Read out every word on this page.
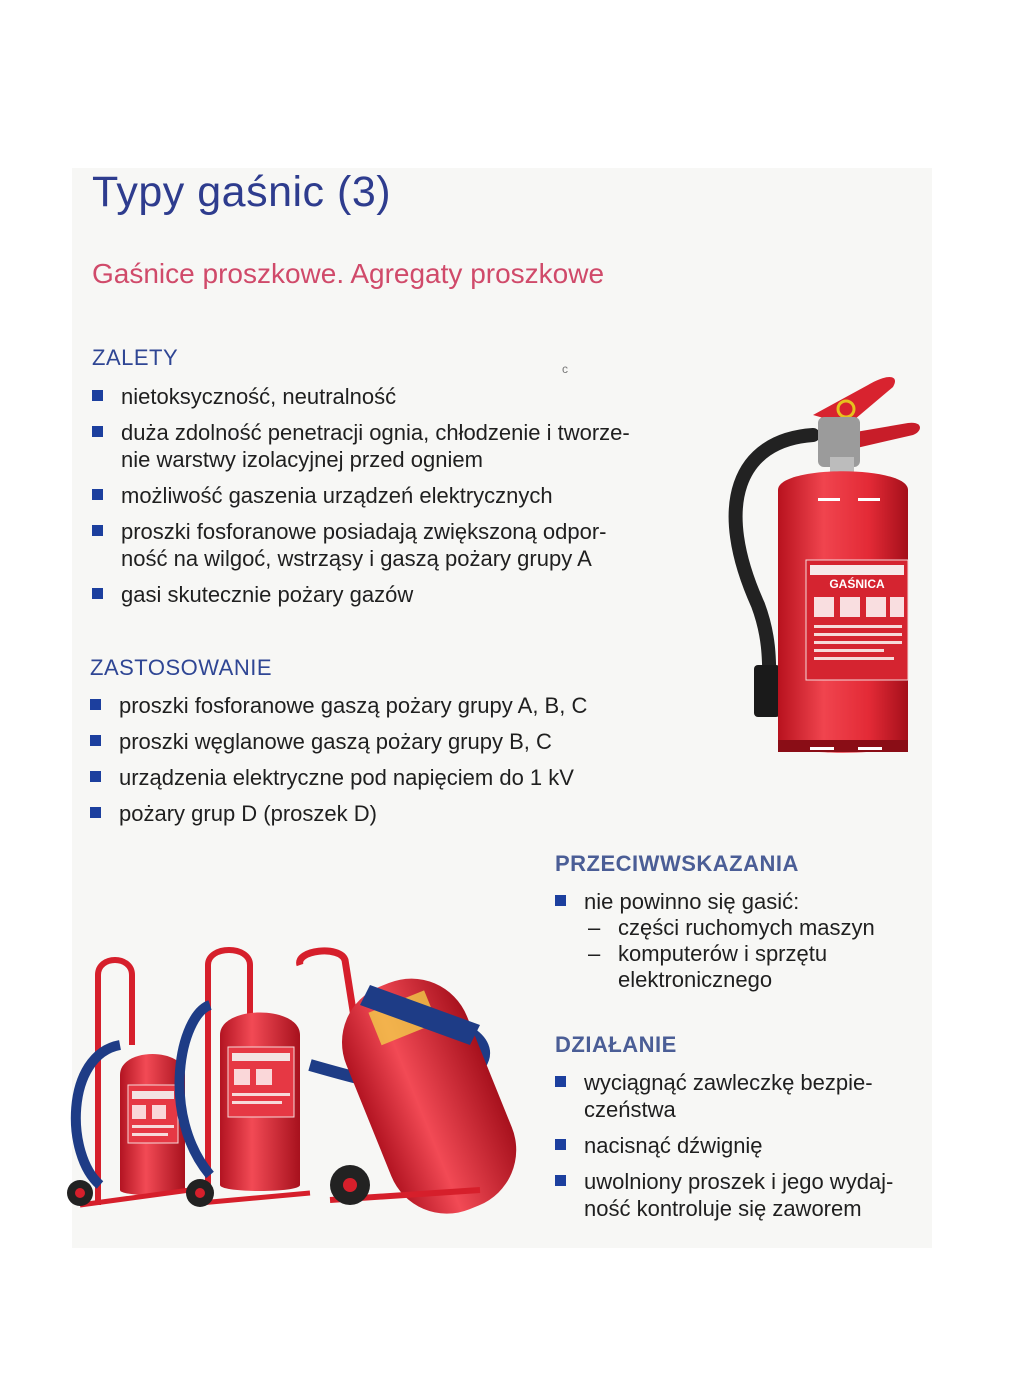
Typy gaśnic (3)
Gaśnice proszkowe. Agregaty proszkowe
c
ZALETY
nietoksyczność, neutralność
duża zdolność penetracji ognia, chłodzenie i tworze-
nie warstwy izolacyjnej przed ogniem
możliwość gaszenia urządzeń elektrycznych
proszki fosforanowe posiadają zwiększoną odpor-
ność na wilgoć, wstrząsy i gaszą pożary grupy A
gasi skutecznie pożary gazów
ZASTOSOWANIE
proszki fosforanowe gaszą pożary grupy A, B, C
proszki węglanowe gaszą pożary grupy B, C
urządzenia elektryczne pod napięciem do 1 kV
pożary grup D (proszek D)
PRZECIWWSKAZANIA
nie powinno się gasić:
– części ruchomych maszyn
– komputerów i sprzętu
elektronicznego
DZIAŁANIE
wyciągnąć zawleczkę bezpie-
czeństwa
nacisnąć dźwignię
uwolniony proszek i jego wydaj-
ność kontroluje się zaworem
GAŚNICA
